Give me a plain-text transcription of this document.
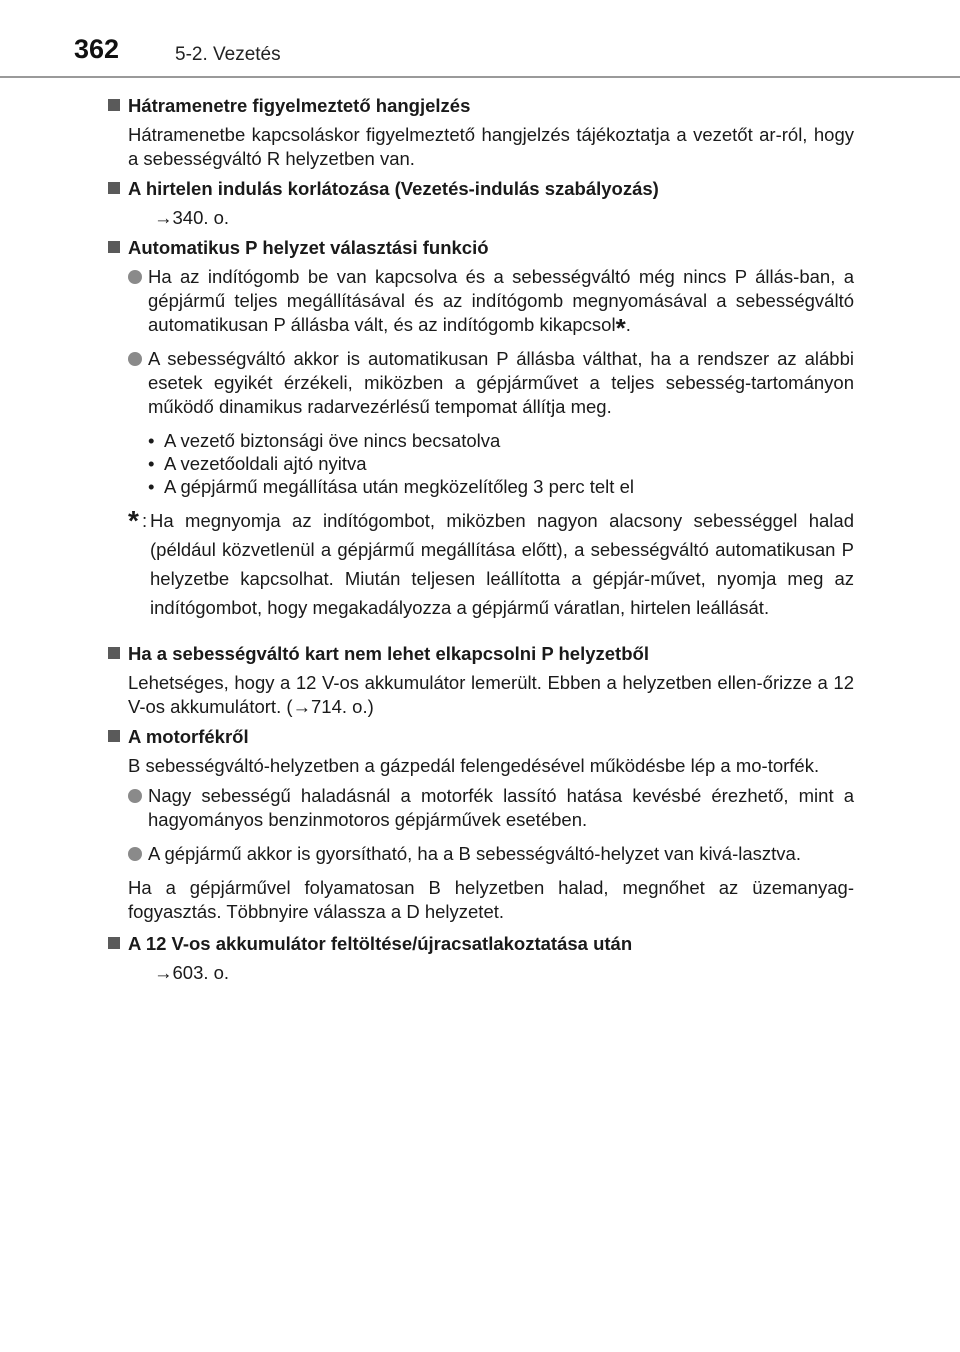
362	5-2. Vezetés
Hátramenetre figyelmeztető hangjelzés
Hátramenetbe kapcsoláskor figyelmeztető hangjelzés tájékoztatja a vezetőt ar-ról, hogy a sebességváltó R helyzetben van.
A hirtelen indulás korlátozása (Vezetés-indulás szabályozás)
→340. o.
Automatikus P helyzet választási funkció
Ha az indítógomb be van kapcsolva és a sebességváltó még nincs P állás-ban, a gépjármű teljes megállításával és az indítógomb megnyomásával a sebességváltó automatikusan P állásba vált, és az indítógomb kikapcsol*.
A sebességváltó akkor is automatikusan P állásba válthat, ha a rendszer az alábbi esetek egyikét érzékeli, miközben a gépjárművet a teljes sebesség-tartományon működő dinamikus radarvezérlésű tempomat állítja meg.
• A vezető biztonsági öve nincs becsatolva
• A vezetőoldali ajtó nyitva
• A gépjármű megállítása után megközelítőleg 3 perc telt el
* : Ha megnyomja az indítógombot, miközben nagyon alacsony sebességgel halad (például közvetlenül a gépjármű megállítása előtt), a sebességváltó automatikusan P helyzetbe kapcsolhat. Miután teljesen leállította a gépjár-művet, nyomja meg az indítógombot, hogy megakadályozza a gépjármű váratlan, hirtelen leállását.
Ha a sebességváltó kart nem lehet elkapcsolni P helyzetből
Lehetséges, hogy a 12 V-os akkumulátor lemerült. Ebben a helyzetben ellen-őrizze a 12 V-os akkumulátort. (→714. o.)
A motorfékről
B sebességváltó-helyzetben a gázpedál felengedésével működésbe lép a mo-torfék.
Nagy sebességű haladásnál a motorfék lassító hatása kevésbé érezhető, mint a hagyományos benzinmotoros gépjárművek esetében.
A gépjármű akkor is gyorsítható, ha a B sebességváltó-helyzet van kivá-lasztva.
Ha a gépjárművel folyamatosan B helyzetben halad, megnőhet az üzemanyag-fogyasztás. Többnyire válassza a D helyzetet.
A 12 V-os akkumulátor feltöltése/újracsatlakoztatása után
→603. o.
